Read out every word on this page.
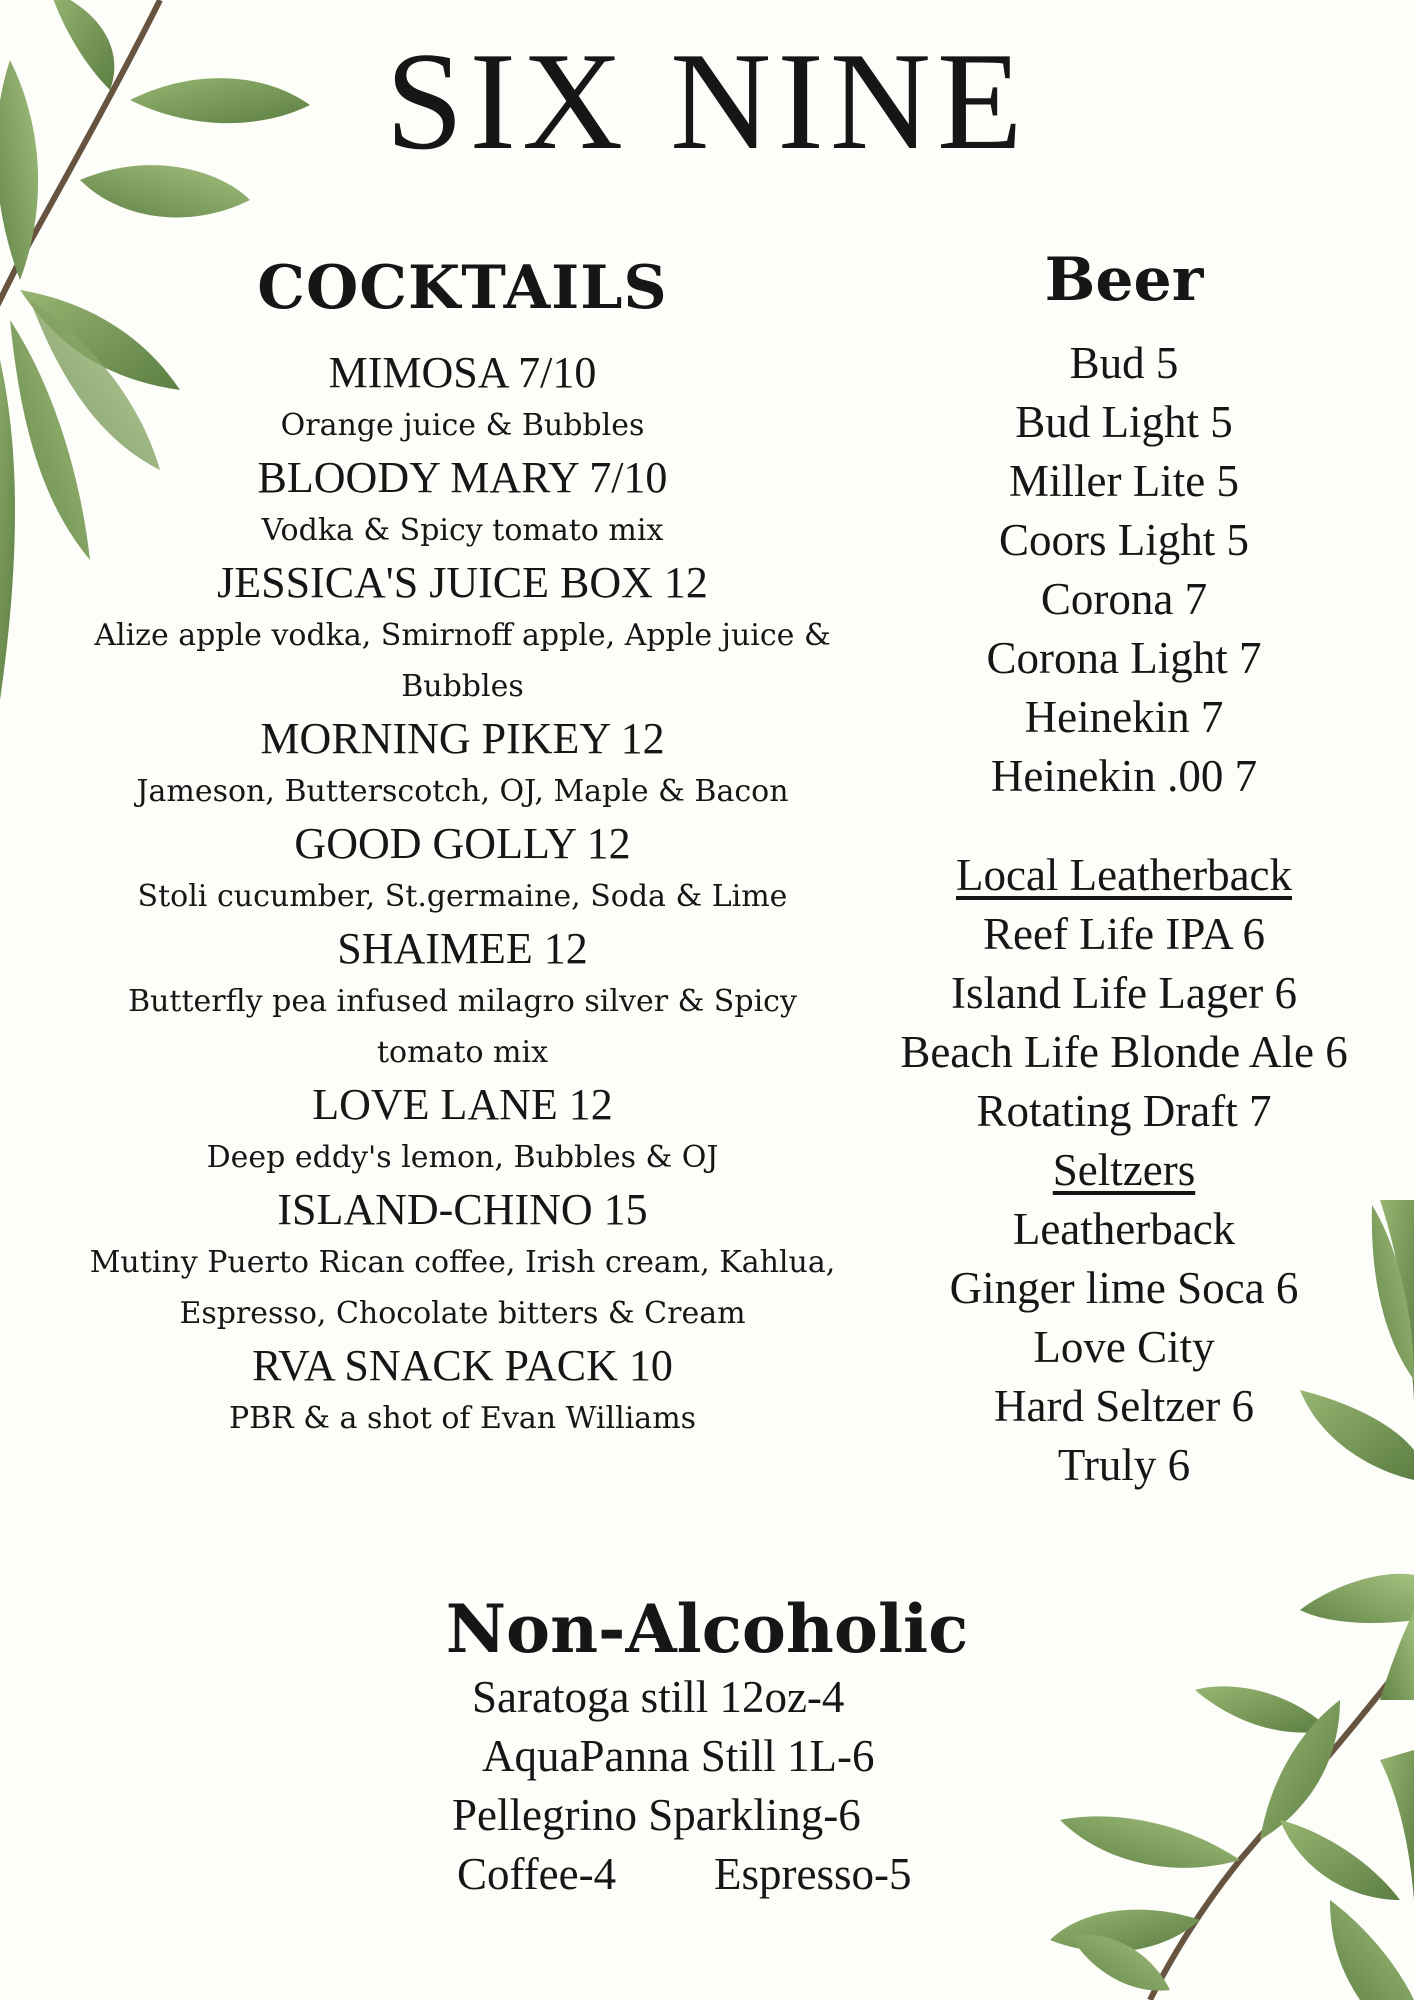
SIX NINE
COCKTAILS
MIMOSA 7/10
Orange juice & Bubbles
BLOODY MARY 7/10
Vodka & Spicy tomato mix
JESSICA'S JUICE BOX 12
Alize apple vodka, Smirnoff apple, Apple juice &
Bubbles
MORNING PIKEY 12
Jameson, Butterscotch, OJ, Maple & Bacon
GOOD GOLLY 12
Stoli cucumber, St.germaine, Soda & Lime
SHAIMEE 12
Butterfly pea infused milagro silver & Spicy
tomato mix
LOVE LANE 12
Deep eddy's lemon, Bubbles & OJ
ISLAND-CHINO 15
Mutiny Puerto Rican coffee, Irish cream, Kahlua,
Espresso, Chocolate bitters & Cream
RVA SNACK PACK 10
PBR & a shot of Evan Williams
Beer
Bud 5
Bud Light 5
Miller Lite 5
Coors Light 5
Corona 7
Corona Light 7
Heinekin 7
Heinekin .00 7
Local Leatherback
Reef Life IPA 6
Island Life Lager 6
Beach Life Blonde Ale 6
Rotating Draft 7
Seltzers
Leatherback
Ginger lime Soca 6
Love City
Hard Seltzer 6
Truly 6
Non-Alcoholic
Saratoga still 12oz-4
AquaPanna Still 1L-6
Pellegrino Sparkling-6
Coffee-4 Espresso-5
